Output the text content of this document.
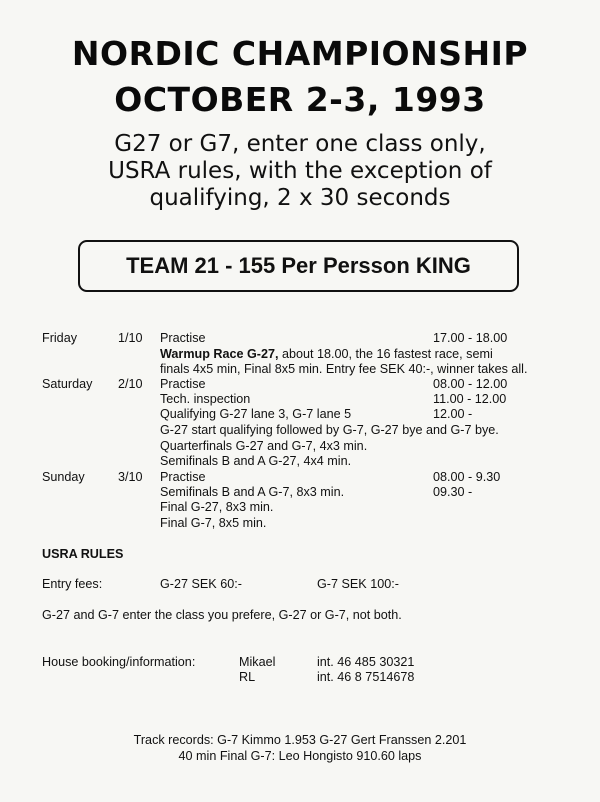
NORDIC CHAMPIONSHIP
OCTOBER 2-3, 1993
G27 or G7, enter one class only,
USRA rules, with the exception of
qualifying, 2 x 30 seconds
TEAM 21 - 155 Per Persson KING
Friday	1/10 Practise	17.00 - 18.00
Warmup Race G-27, about 18.00, the 16 fastest race, semi
finals 4x5 min, Final 8x5 min. Entry fee SEK 40:-, winner takes all.
Saturday 2/10 Practise	08.00 - 12.00
Tech. inspection	11.00 - 12.00
Qualifying G-27 lane 3, G-7 lane 5	12.00 -
G-27 start qualifying followed by G-7, G-27 bye and G-7 bye.
Quarterfinals G-27 and G-7, 4x3 min.
Semifinals B and A G-27, 4x4 min.
Sunday	3/10 Practise	08.00 - 9.30
Semifinals B and A G-7, 8x3 min.	09.30 -
Final G-27, 8x3 min.
Final G-7, 8x5 min.
USRA RULES
Entry fees:	G-27 SEK 60:-	G-7 SEK 100:-
G-27 and G-7 enter the class you prefere, G-27 or G-7, not both.
House booking/information:	Mikael	int. 46 485 30321
RL	int. 46 8 7514678
Track records: G-7 Kimmo 1.953 G-27 Gert Franssen 2.201
40 min Final G-7: Leo Hongisto 910.60 laps
